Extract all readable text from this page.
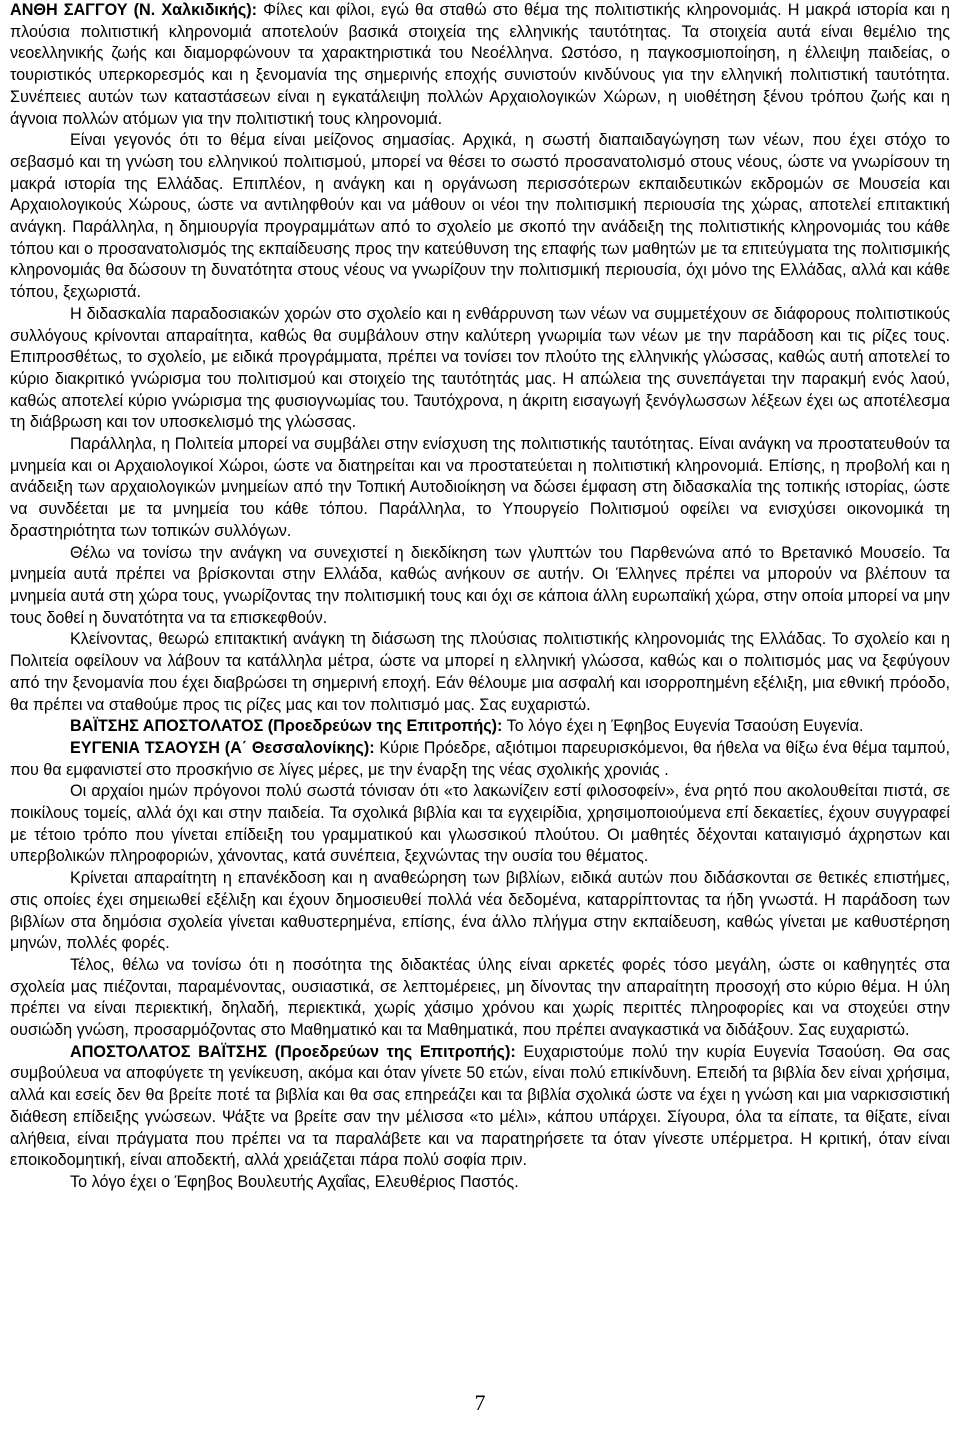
ΑΝΘΗ ΣΑΓΓΟΥ (Ν. Χαλκιδικής): Φίλες και φίλοι, εγώ θα σταθώ στο θέμα της πολιτιστικής κληρονομιάς. Η μακρά ιστορία και η πλούσια πολιτιστική κληρονομιά αποτελούν βασικά στοιχεία της ελληνικής ταυτότητας. Τα στοιχεία αυτά είναι θεμέλιο της νεοελληνικής ζωής και διαμορφώνουν τα χαρακτηριστικά του Νεοέλληνα. Ωστόσο, η παγκοσμιοποίηση, η έλλειψη παιδείας, ο τουριστικός υπερκορεσμός και η ξενομανία της σημερινής εποχής συνιστούν κινδύνους για την ελληνική πολιτιστική ταυτότητα. Συνέπειες αυτών των καταστάσεων είναι η εγκατάλειψη πολλών Αρχαιολογικών Χώρων, η υιοθέτηση ξένου τρόπου ζωής και η άγνοια πολλών ατόμων για την πολιτιστική τους κληρονομιά.

Είναι γεγονός ότι το θέμα είναι μείζονος σημασίας. Αρχικά, η σωστή διαπαιδαγώγηση των νέων, που έχει στόχο το σεβασμό και τη γνώση του ελληνικού πολιτισμού, μπορεί να θέσει το σωστό προσανατολισμό στους νέους, ώστε να γνωρίσουν τη μακρά ιστορία της Ελλάδας. Επιπλέον, η ανάγκη και η οργάνωση περισσότερων εκπαιδευτικών εκδρομών σε Μουσεία και Αρχαιολογικούς Χώρους, ώστε να αντιληφθούν και να μάθουν οι νέοι την πολιτισμική περιουσία της χώρας, αποτελεί επιτακτική ανάγκη. Παράλληλα, η δημιουργία προγραμμάτων από το σχολείο με σκοπό την ανάδειξη της πολιτιστικής κληρονομιάς του κάθε τόπου και ο προσανατολισμός της εκπαίδευσης προς την κατεύθυνση της επαφής των μαθητών με τα επιτεύγματα της πολιτισμικής κληρονομιάς θα δώσουν τη δυνατότητα στους νέους να γνωρίζουν την πολιτισμική περιουσία, όχι μόνο της Ελλάδας, αλλά και κάθε τόπου, ξεχωριστά.

Η διδασκαλία παραδοσιακών χορών στο σχολείο και η ενθάρρυνση των νέων να συμμετέχουν σε διάφορους πολιτιστικούς συλλόγους κρίνονται απαραίτητα, καθώς θα συμβάλουν στην καλύτερη γνωριμία των νέων με την παράδοση και τις ρίζες τους. Επιπροσθέτως, το σχολείο, με ειδικά προγράμματα, πρέπει να τονίσει τον πλούτο της ελληνικής γλώσσας, καθώς αυτή αποτελεί το κύριο διακριτικό γνώρισμα του πολιτισμού και στοιχείο της ταυτότητάς μας. Η απώλεια της συνεπάγεται την παρακμή ενός λαού, καθώς αποτελεί κύριο γνώρισμα της φυσιογνωμίας του. Ταυτόχρονα, η άκριτη εισαγωγή ξενόγλωσσων λέξεων έχει ως αποτέλεσμα τη διάβρωση και τον υποσκελισμό της γλώσσας.

Παράλληλα, η Πολιτεία μπορεί να συμβάλει στην ενίσχυση της πολιτιστικής ταυτότητας. Είναι ανάγκη να προστατευθούν τα μνημεία και οι Αρχαιολογικοί Χώροι, ώστε να διατηρείται και να προστατεύεται η πολιτιστική κληρονομιά. Επίσης, η προβολή και η ανάδειξη των αρχαιολογικών μνημείων από την Τοπική Αυτοδιοίκηση να δώσει έμφαση στη διδασκαλία της τοπικής ιστορίας, ώστε να συνδέεται με τα μνημεία του κάθε τόπου. Παράλληλα, το Υπουργείο Πολιτισμού οφείλει να ενισχύσει οικονομικά τη δραστηριότητα των τοπικών συλλόγων.

Θέλω να τονίσω την ανάγκη να συνεχιστεί η διεκδίκηση των γλυπτών του Παρθενώνα από το Βρετανικό Μουσείο. Τα μνημεία αυτά πρέπει να βρίσκονται στην Ελλάδα, καθώς ανήκουν σε αυτήν. Οι Έλληνες πρέπει να μπορούν να βλέπουν τα μνημεία αυτά στη χώρα τους, γνωρίζοντας την πολιτισμική τους και όχι σε κάποια άλλη ευρωπαϊκή χώρα, στην οποία μπορεί να μην τους δοθεί η δυνατότητα να τα επισκεφθούν.

Κλείνοντας, θεωρώ επιτακτική ανάγκη τη διάσωση της πλούσιας πολιτιστικής κληρονομιάς της Ελλάδας. Το σχολείο και η Πολιτεία οφείλουν να λάβουν τα κατάλληλα μέτρα, ώστε να μπορεί η ελληνική γλώσσα, καθώς και ο πολιτισμός μας να ξεφύγουν από την ξενομανία που έχει διαβρώσει τη σημερινή εποχή. Εάν θέλουμε μια ασφαλή και ισορροπημένη εξέλιξη, μια εθνική πρόοδο, θα πρέπει να σταθούμε προς τις ρίζες μας και τον πολιτισμό μας. Σας ευχαριστώ.

ΒΑΪΤΣΗΣ ΑΠΟΣΤΟΛΑΤΟΣ (Προεδρεύων της Επιτροπής): Το λόγο έχει η Έφηβος Ευγενία Τσαούση Ευγενία.

ΕΥΓΕΝΙΑ ΤΣΑΟΥΣΗ (Α΄ Θεσσαλονίκης): Κύριε Πρόεδρε, αξιότιμοι παρευρισκόμενοι, θα ήθελα να θίξω ένα θέμα ταμπού, που θα εμφανιστεί στο προσκήνιο σε λίγες μέρες, με την έναρξη της νέας σχολικής χρονιάς .

Οι αρχαίοι ημών πρόγονοι πολύ σωστά τόνισαν ότι «το λακωνίζειν εστί φιλοσοφείν», ένα ρητό που ακολουθείται πιστά, σε ποικίλους τομείς, αλλά όχι και στην παιδεία. Τα σχολικά βιβλία και τα εγχειρίδια, χρησιμοποιούμενα επί δεκαετίες, έχουν συγγραφεί με τέτοιο τρόπο που γίνεται επίδειξη του γραμματικού και γλωσσικού πλούτου. Οι μαθητές δέχονται καταιγισμό άχρηστων και υπερβολικών πληροφοριών, χάνοντας, κατά συνέπεια, ξεχνώντας την ουσία του θέματος.

Κρίνεται απαραίτητη η επανέκδοση και η αναθεώρηση των βιβλίων, ειδικά αυτών που διδάσκονται σε θετικές επιστήμες, στις οποίες έχει σημειωθεί εξέλιξη και έχουν δημοσιευθεί πολλά νέα δεδομένα, καταρρίπτοντας τα ήδη γνωστά. Η παράδοση των βιβλίων στα δημόσια σχολεία γίνεται καθυστερημένα, επίσης, ένα άλλο πλήγμα στην εκπαίδευση, καθώς γίνεται με καθυστέρηση μηνών, πολλές φορές.

Τέλος, θέλω να τονίσω ότι η ποσότητα της διδακτέας ύλης είναι αρκετές φορές τόσο μεγάλη, ώστε οι καθηγητές στα σχολεία μας πιέζονται, παραμένοντας, ουσιαστικά, σε λεπτομέρειες, μη δίνοντας την απαραίτητη προσοχή στο κύριο θέμα. Η ύλη πρέπει να είναι περιεκτική, δηλαδή, περιεκτικά, χωρίς χάσιμο χρόνου και χωρίς περιττές πληροφορίες και να στοχεύει στην ουσιώδη γνώση, προσαρμόζοντας στο Μαθηματικό και τα Μαθηματικά, που πρέπει αναγκαστικά να διδάξουν. Σας ευχαριστώ.

ΑΠΟΣΤΟΛΑΤΟΣ ΒΑΪΤΣΗΣ (Προεδρεύων της Επιτροπής): Ευχαριστούμε πολύ την κυρία Ευγενία Τσαούση. Θα σας συμβούλευα να αποφύγετε τη γενίκευση, ακόμα και όταν γίνετε 50 ετών, είναι πολύ επικίνδυνη. Επειδή τα βιβλία δεν είναι χρήσιμα, αλλά και εσείς δεν θα βρείτε ποτέ τα βιβλία και θα σας επηρεάζει και τα βιβλία σχολικά ώστε να έχει η γνώση και μια ναρκισσιστική διάθεση επίδειξης γνώσεων. Ψάξτε να βρείτε σαν την μέλισσα «το μέλι», κάπου υπάρχει. Σίγουρα, όλα τα είπατε, τα θίξατε, είναι αλήθεια, είναι πράγματα που πρέπει να τα παραλάβετε και να παρατηρήσετε τα όταν γίνεστε υπέρμετρα. Η κριτική, όταν είναι εποικοδομητική, είναι αποδεκτή, αλλά χρειάζεται πάρα πολύ σοφία πριν.

Το λόγο έχει ο Έφηβος Βουλευτής Αχαΐας, Ελευθέριος Παστός.

7
